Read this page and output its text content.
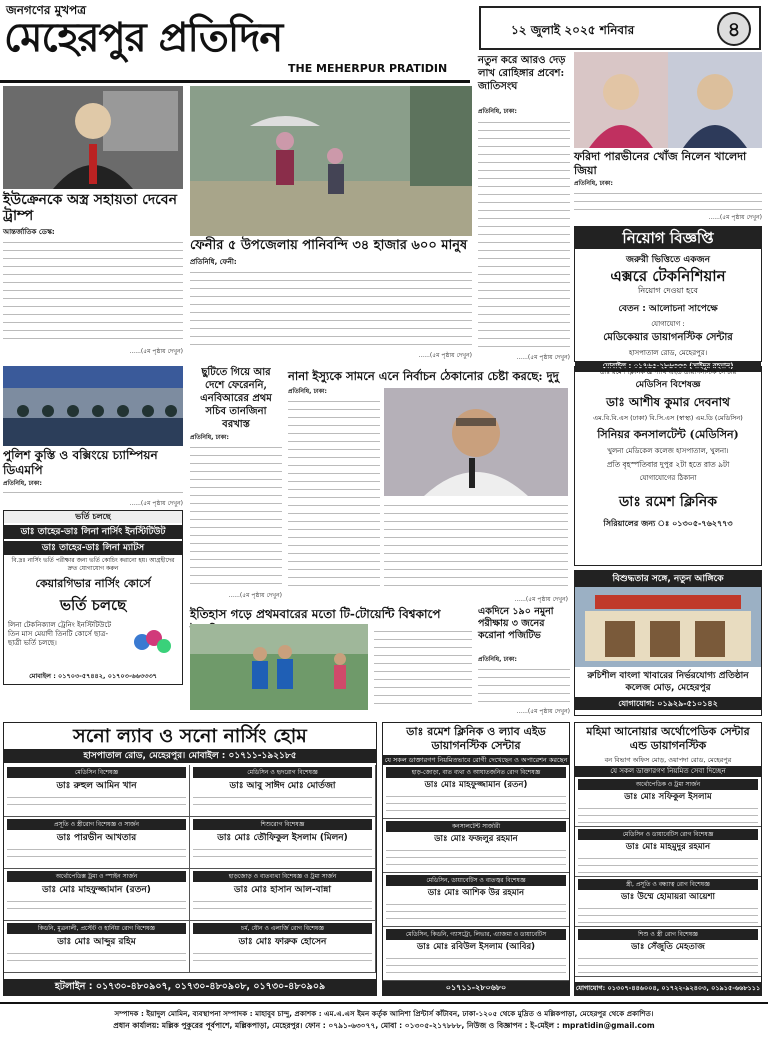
জনগণের মুখপত্র
মেহেরপুর প্রতিদিন
THE MEHERPUR PRATIDIN
১২ জুলাই ২০২৫ শনিবার	৪
ইউক্রেনকে অস্ত্র সহায়তা দেবেন ট্রাম্প
আন্তর্জাতিক ডেস্ক:
......(৫ম পৃষ্ঠায় দেখুন)
ফেনীর ৫ উপজেলায় পানিবন্দি ৩৪ হাজার ৬০০ মানুষ
প্রতিনিধি, ফেনী:
......(৫ম পৃষ্ঠায় দেখুন)
নতুন করে আরও দেড় লাখ রোহিঙ্গার প্রবেশ: জাতিসংঘ
প্রতিনিধি, ঢাকা:
......(৫ম পৃষ্ঠায় দেখুন)
ফরিদা পারভীনের খোঁজ নিলেন খালেদা জিয়া
প্রতিনিধি, ঢাকা:
......(৫ম পৃষ্ঠায় দেখুন)
নিয়োগ বিজ্ঞপ্তি
জরুরী ভিত্তিতে একজন
এক্সরে টেকনিশিয়ান
নিয়োগ দেওয়া হবে
বেতন : আলোচনা সাপেক্ষে
যোগাযোগ :
মেডিকেয়ার ডায়াগনস্টিক সেন্টার
হাসপাতাল রোড, মেহেরপুর।
মোবাইল : ০১৭৬৫-২৮৬৩৩৩ (সাইদুর রহমান)
পুলিশ কুস্তি ও বক্সিংয়ে চ্যাম্পিয়ন ডিএমপি
প্রতিনিধি, ঢাকা:
......(৫ম পৃষ্ঠায় দেখুন)
ছুটিতে গিয়ে আর দেশে ফেরেননি, এনবিআরের প্রথম সচিব তানজিনা বরখাস্ত
প্রতিনিধি, ঢাকা:
......(৫ম পৃষ্ঠায় দেখুন)
নানা ইস্যুকে সামনে এনে নির্বাচন ঠেকানোর চেষ্টা করছে: দুদু
প্রতিনিধি, ঢাকা:
......(৫ম পৃষ্ঠায় দেখুন)
ভর্তি চলছে
ডাঃ তাহের-ডাঃ লিনা নার্সিং ইনস্টিটিউট
ডাঃ তাহের-ডাঃ লিনা ম্যাটস
বি.দ্রঃ নার্সিং ভর্তি পরীক্ষার জন্য ভর্তি কোচিং করানো হয়। আগ্রহীদের দ্রুত যোগাযোগ করুন
কেয়ারগিভার নার্সিং কোর্সে
ভর্তি চলছে
লিনা টেকনিক্যাল ট্রেনিং ইনস্টিটিউটে তিন মাস মেয়াদী তিনটি কোর্সে ছাত্র-ছাত্রী ভর্তি চলছে।
মোবাইল : ০১৭০৩-৫৭৪৪২, ০১৭০৩-৬৬৩৩৩৭
ইতিহাস গড়ে প্রথমবারের মতো টি-টোয়েন্টি বিশ্বকাপে	একদিনে ১৯০ নমুনা পরীক্ষায় ৩ জনের করোনা পজিটিভ
প্রতিনিধি, ঢাকা:
......(৫ম পৃষ্ঠায় দেখুন)
ডাঃ রমেশ ক্লিনিক & প্যাথ এইড ডায়াগনস্টিক সেন্টার
মেডিসিন বিশেষজ্ঞ
ডাঃ আশীষ কুমার দেবনাথ
এম.বি.বি.এস (ঢাকা) বি.সি.এস (স্বাস্থ্য) এম.ডি (মেডিসিন)
সিনিয়র কনসালটেন্ট (মেডিসিন)
খুলনা মেডিকেল কলেজ হাসপাতাল, খুলনা।
প্রতি বৃহস্পতিবার দুপুর ২টা হতে রাত ৯টা
যোগাযোগের ঠিকানা
ডাঃ রমেশ ক্লিনিক
সিরিয়ালের জন্য ঃ ০১৩০৫-৭৬২৭৭৩
বিশুদ্ধতার সঙ্গে, নতুন আঙ্গিকে
রুচিশীল বাংলা খাবারের নির্ভরযোগ্য প্রতিষ্ঠান কলেজ মোড়, মেহেরপুর
যোগাযোগ: ০১৯২৯-৫১০১৪২
সনো ল্যাব ও সনো নার্সিং হোম
হাসপাতাল রোড, মেহেরপুর। মোবাইল : ০১৭১১-১৯২১৮৫
মেডিসিন বিশেষজ্ঞ
ডাঃ রুহুল আমিন খান
মেডিসিন ও হৃদরোগ বিশেষজ্ঞ
ডাঃ আবু সাঈদ মোঃ মোর্তজা
প্রসূতি ও স্ত্রীরোগ বিশেষজ্ঞ ও সার্জন
ডাঃ পারভীন আখতার
শিশুরোগ বিশেষজ্ঞ
ডাঃ মোঃ তৌফিকুল ইসলাম (মিলন)
অর্থোপেডিক্স ট্রমা ও স্পাইন সার্জন
ডাঃ মোঃ মাহফুজ্জামান (রতন)
হাড়জোড় ও বাতব্যথা বিশেষজ্ঞ ও ট্রমা সার্জন
ডাঃ মোঃ হাসান আল-বান্না
কিডনি, মুত্রনালী, প্রস্টেট ও হার্নিয়া রোগ বিশেষজ্ঞ
ডাঃ মোঃ আব্দুর রহিম
চর্ম, যৌন ও এলার্জি রোগ বিশেষজ্ঞ
ডাঃ মোঃ ফারুক হোসেন
হটলাইন : ০১৭৩০-৪৮০৯০৭, ০১৭৩০-৪৮০৯০৮, ০১৭৩০-৪৮০৯০৯
ডাঃ রমেশ ক্লিনিক ও ল্যাব এইড ডায়াগনস্টিক সেন্টার
যে সকল ডাক্তারগণ নিয়মিতভাবে রোগী দেখেছেন ও অপারেশন করছেন
হাড়-জোড়া, বাত ব্যথা ও আঘাতজনিত রোগ বিশেষজ্ঞ
ডাঃ মোঃ মাহফুজ্জামান (রতন)
কনসালটেন্ট সার্জারী
ডাঃ মোঃ ফজলুর রহমান
মেডিসিন, ডায়াবেটিস ও বাতজ্বর বিশেষজ্ঞ
ডাঃ মোঃ আশিক উর রহমান
মেডিসিন, কিডনি, গ্যাসট্রো, লিভার, এ্যাজমা ও ডায়াবেটিস
ডাঃ মোঃ রবিউল ইসলাম (আবির)
০১৭১১-২৮০৬৮০
মহিমা আনোয়ার অর্থোপেডিক সেন্টার এন্ড ডায়াগনস্টিক
বন বিভাগ অফিস মোড়, ওয়াপদা রোড, মেহেরপুর
যে সকল ডাক্তারগণ নিয়মিত সেবা দিচ্ছেন
অর্থোপেডিক ও ট্রমা সার্জন
ডাঃ মোঃ সফিকুল ইসলাম
মেডিসিন ও ডায়াবেটিস রোগ বিশেষজ্ঞ
ডাঃ মোঃ মাহমুদুর রহমান
স্ত্রী, প্রসূতি ও বন্ধ্যাত্ব রোগ বিশেষজ্ঞ
ডাঃ উম্মে হোমায়রা আয়েশা
শিশু ও স্ত্রী রোগ বিশেষজ্ঞ
ডাঃ সেঁজুতি মেহতাজ
যোগাযোগ: ০১৩০৭-৪৪৬০০৪, ০১৭২২-৯২৪০৩, ০১৯১৫-৬৬৮১১১
সম্পাদক : ইয়াদুল মোমিন, ব্যবস্থাপনা সম্পাদক : মাহাবুব চান্দু, প্রকাশক : এম.এ.এস ইমন কর্তৃক আনিশা প্রিন্টার্স কাঁটাবন, ঢাকা-১২০৫ থেকে মুদ্রিত ও মল্লিকপাড়া, মেহেরপুর থেকে প্রকাশিত।
প্রধান কার্যালয়: মল্লিক পুকুরের পূর্বপাশে, মল্লিকপাড়া, মেহেরপুর। ফোন : ০৭৯১-৬৩০৭৭, মোবা : ০১৩০৫-২১৭৮৮৮, নিউজ ও বিজ্ঞাপন : ই-মেইল : mpratidin@gmail.com
